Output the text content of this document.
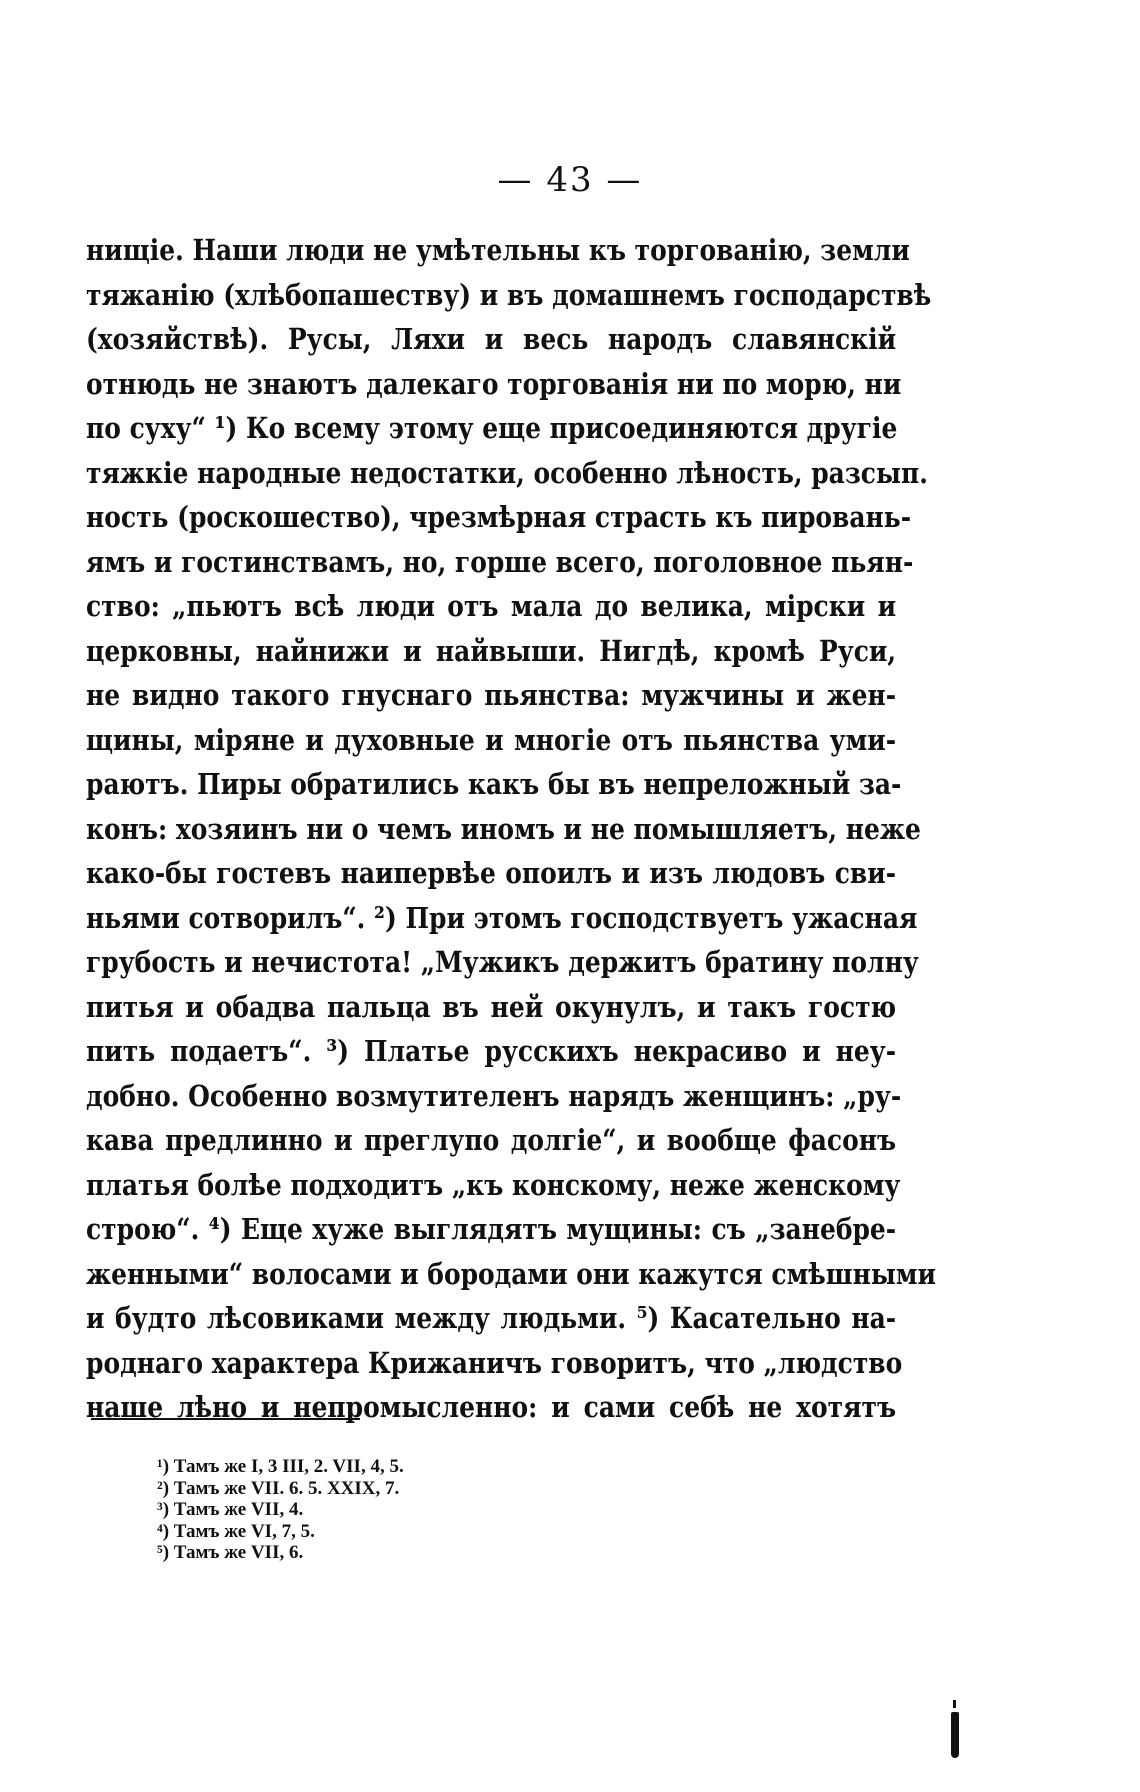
— 43 —
нищіе. Наши люди не умѣтельны къ торгованію, земли
тяжанію (хлѣбопашеству) и въ домашнемъ господарствѣ
(хозяйствѣ). Русы, Ляхи и весь народъ славянскій
отнюдь не знаютъ далекаго торгованія ни по морю, ни
по суху“ ¹) Ко всему этому еще присоединяются другіе
тяжкіе народные недостатки, особенно лѣность, разсып.
ность (роскошество), чрезмѣрная страсть къ пировань-
ямъ и гостинствамъ, но, горше всего, поголовное пьян-
ство: „пьютъ всѣ люди отъ мала до велика, мірски и
церковны, найнижи и найвыши. Нигдѣ, кромѣ Руси,
не видно такого гнуснаго пьянства: мужчины и жен-
щины, міряне и духовные и многіе отъ пьянства уми-
раютъ. Пиры обратились какъ бы въ непреложный за-
конъ: хозяинъ ни о чемъ иномъ и не помышляетъ, неже
како-бы гостевъ наипервѣе опоилъ и изъ людовъ сви-
ньями сотворилъ“. ²) При этомъ господствуетъ ужасная
грубость и нечистота! „Мужикъ держитъ братину полну
питья и обадва пальца въ ней окунулъ, и такъ гостю
пить подаетъ“. ³) Платье русскихъ некрасиво и неу-
добно. Особенно возмутителенъ нарядъ женщинъ: „ру-
кава предлинно и преглупо долгіе“, и вообще фасонъ
платья болѣе подходитъ „къ конскому, неже женскому
строю“. ⁴) Еще хуже выглядятъ мущины: съ „занебре-
женными“ волосами и бородами они кажутся смѣшными
и будто лѣсовиками между людьми. ⁵) Касательно на-
роднаго характера Крижаничъ говоритъ, что „людство
наше лѣно и непромысленно: и сами себѣ не хотятъ
¹) Тамъ же I, 3 III, 2. VII, 4, 5.
²) Тамъ же VII. 6. 5. XXIX, 7.
³) Тамъ же VII, 4.
⁴) Тамъ же VI, 7, 5.
⁵) Тамъ же VII, 6.
